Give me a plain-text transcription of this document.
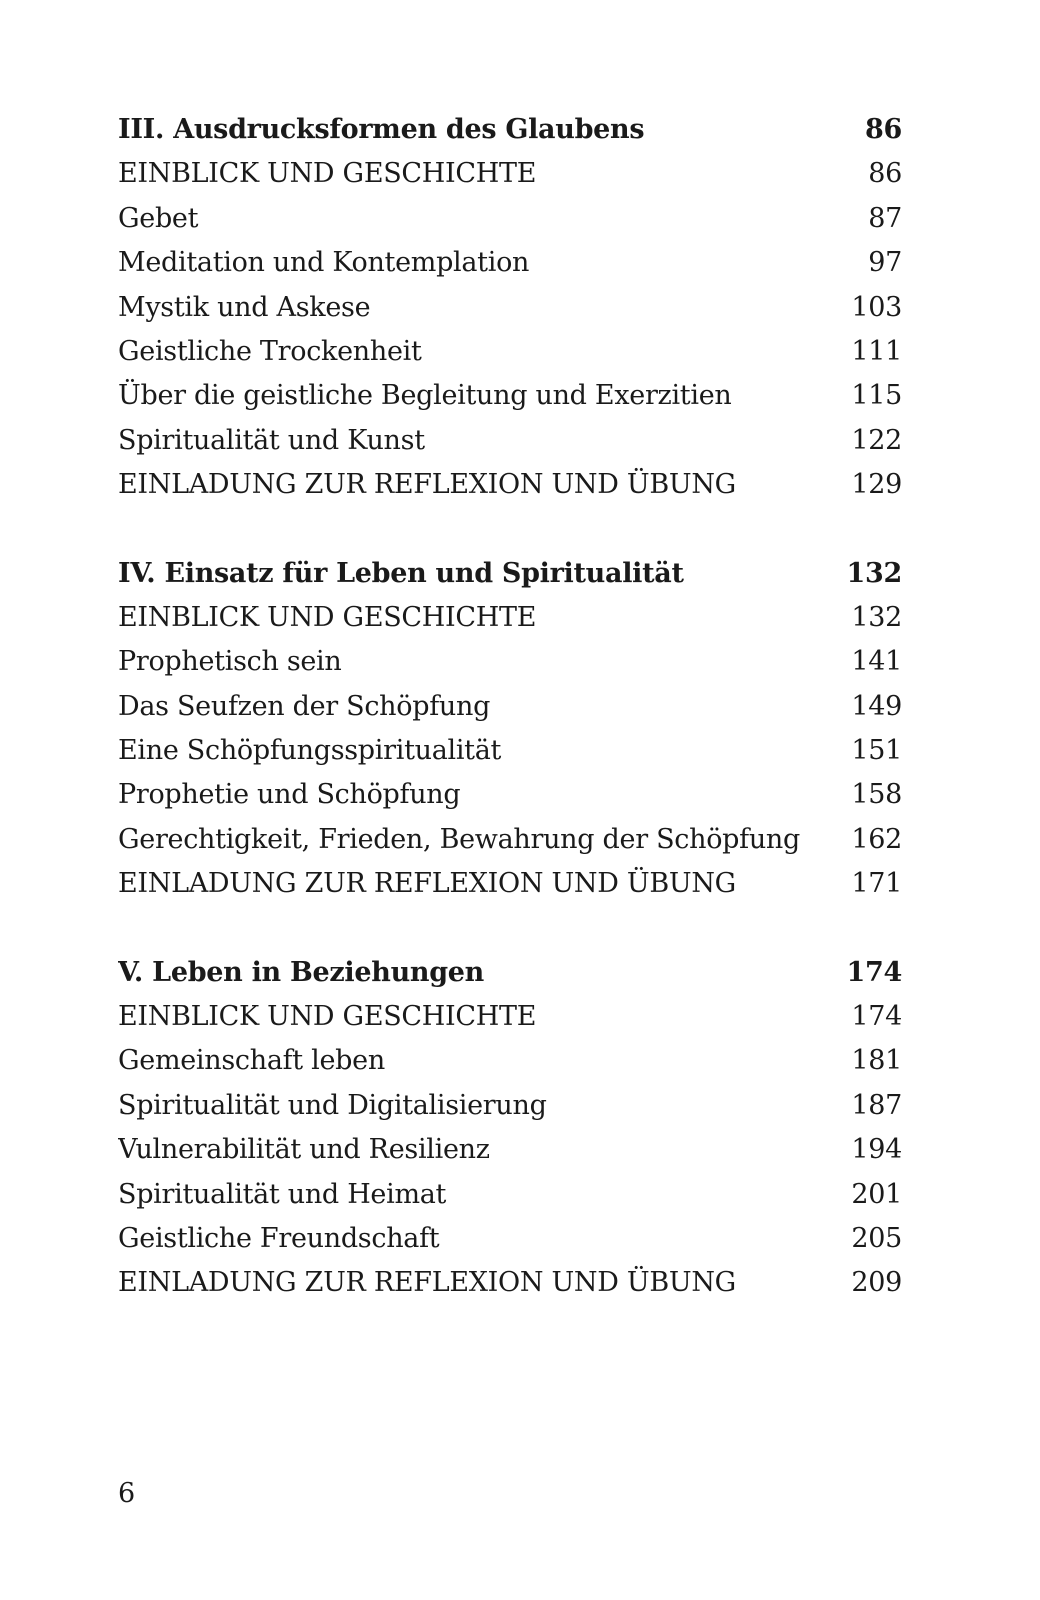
III. Ausdrucksformen des Glaubens	86
EINBLICK UND GESCHICHTE	86
Gebet	87
Meditation und Kontemplation	97
Mystik und Askese	103
Geistliche Trockenheit	111
Über die geistliche Begleitung und Exerzitien	115
Spiritualität und Kunst	122
EINLADUNG ZUR REFLEXION UND ÜBUNG	129
IV. Einsatz für Leben und Spiritualität	132
EINBLICK UND GESCHICHTE	132
Prophetisch sein	141
Das Seufzen der Schöpfung	149
Eine Schöpfungsspiritualität	151
Prophetie und Schöpfung	158
Gerechtigkeit, Frieden, Bewahrung der Schöpfung	162
EINLADUNG ZUR REFLEXION UND ÜBUNG	171
V. Leben in Beziehungen	174
EINBLICK UND GESCHICHTE	174
Gemeinschaft leben	181
Spiritualität und Digitalisierung	187
Vulnerabilität und Resilienz	194
Spiritualität und Heimat	201
Geistliche Freundschaft	205
EINLADUNG ZUR REFLEXION UND ÜBUNG	209
6
